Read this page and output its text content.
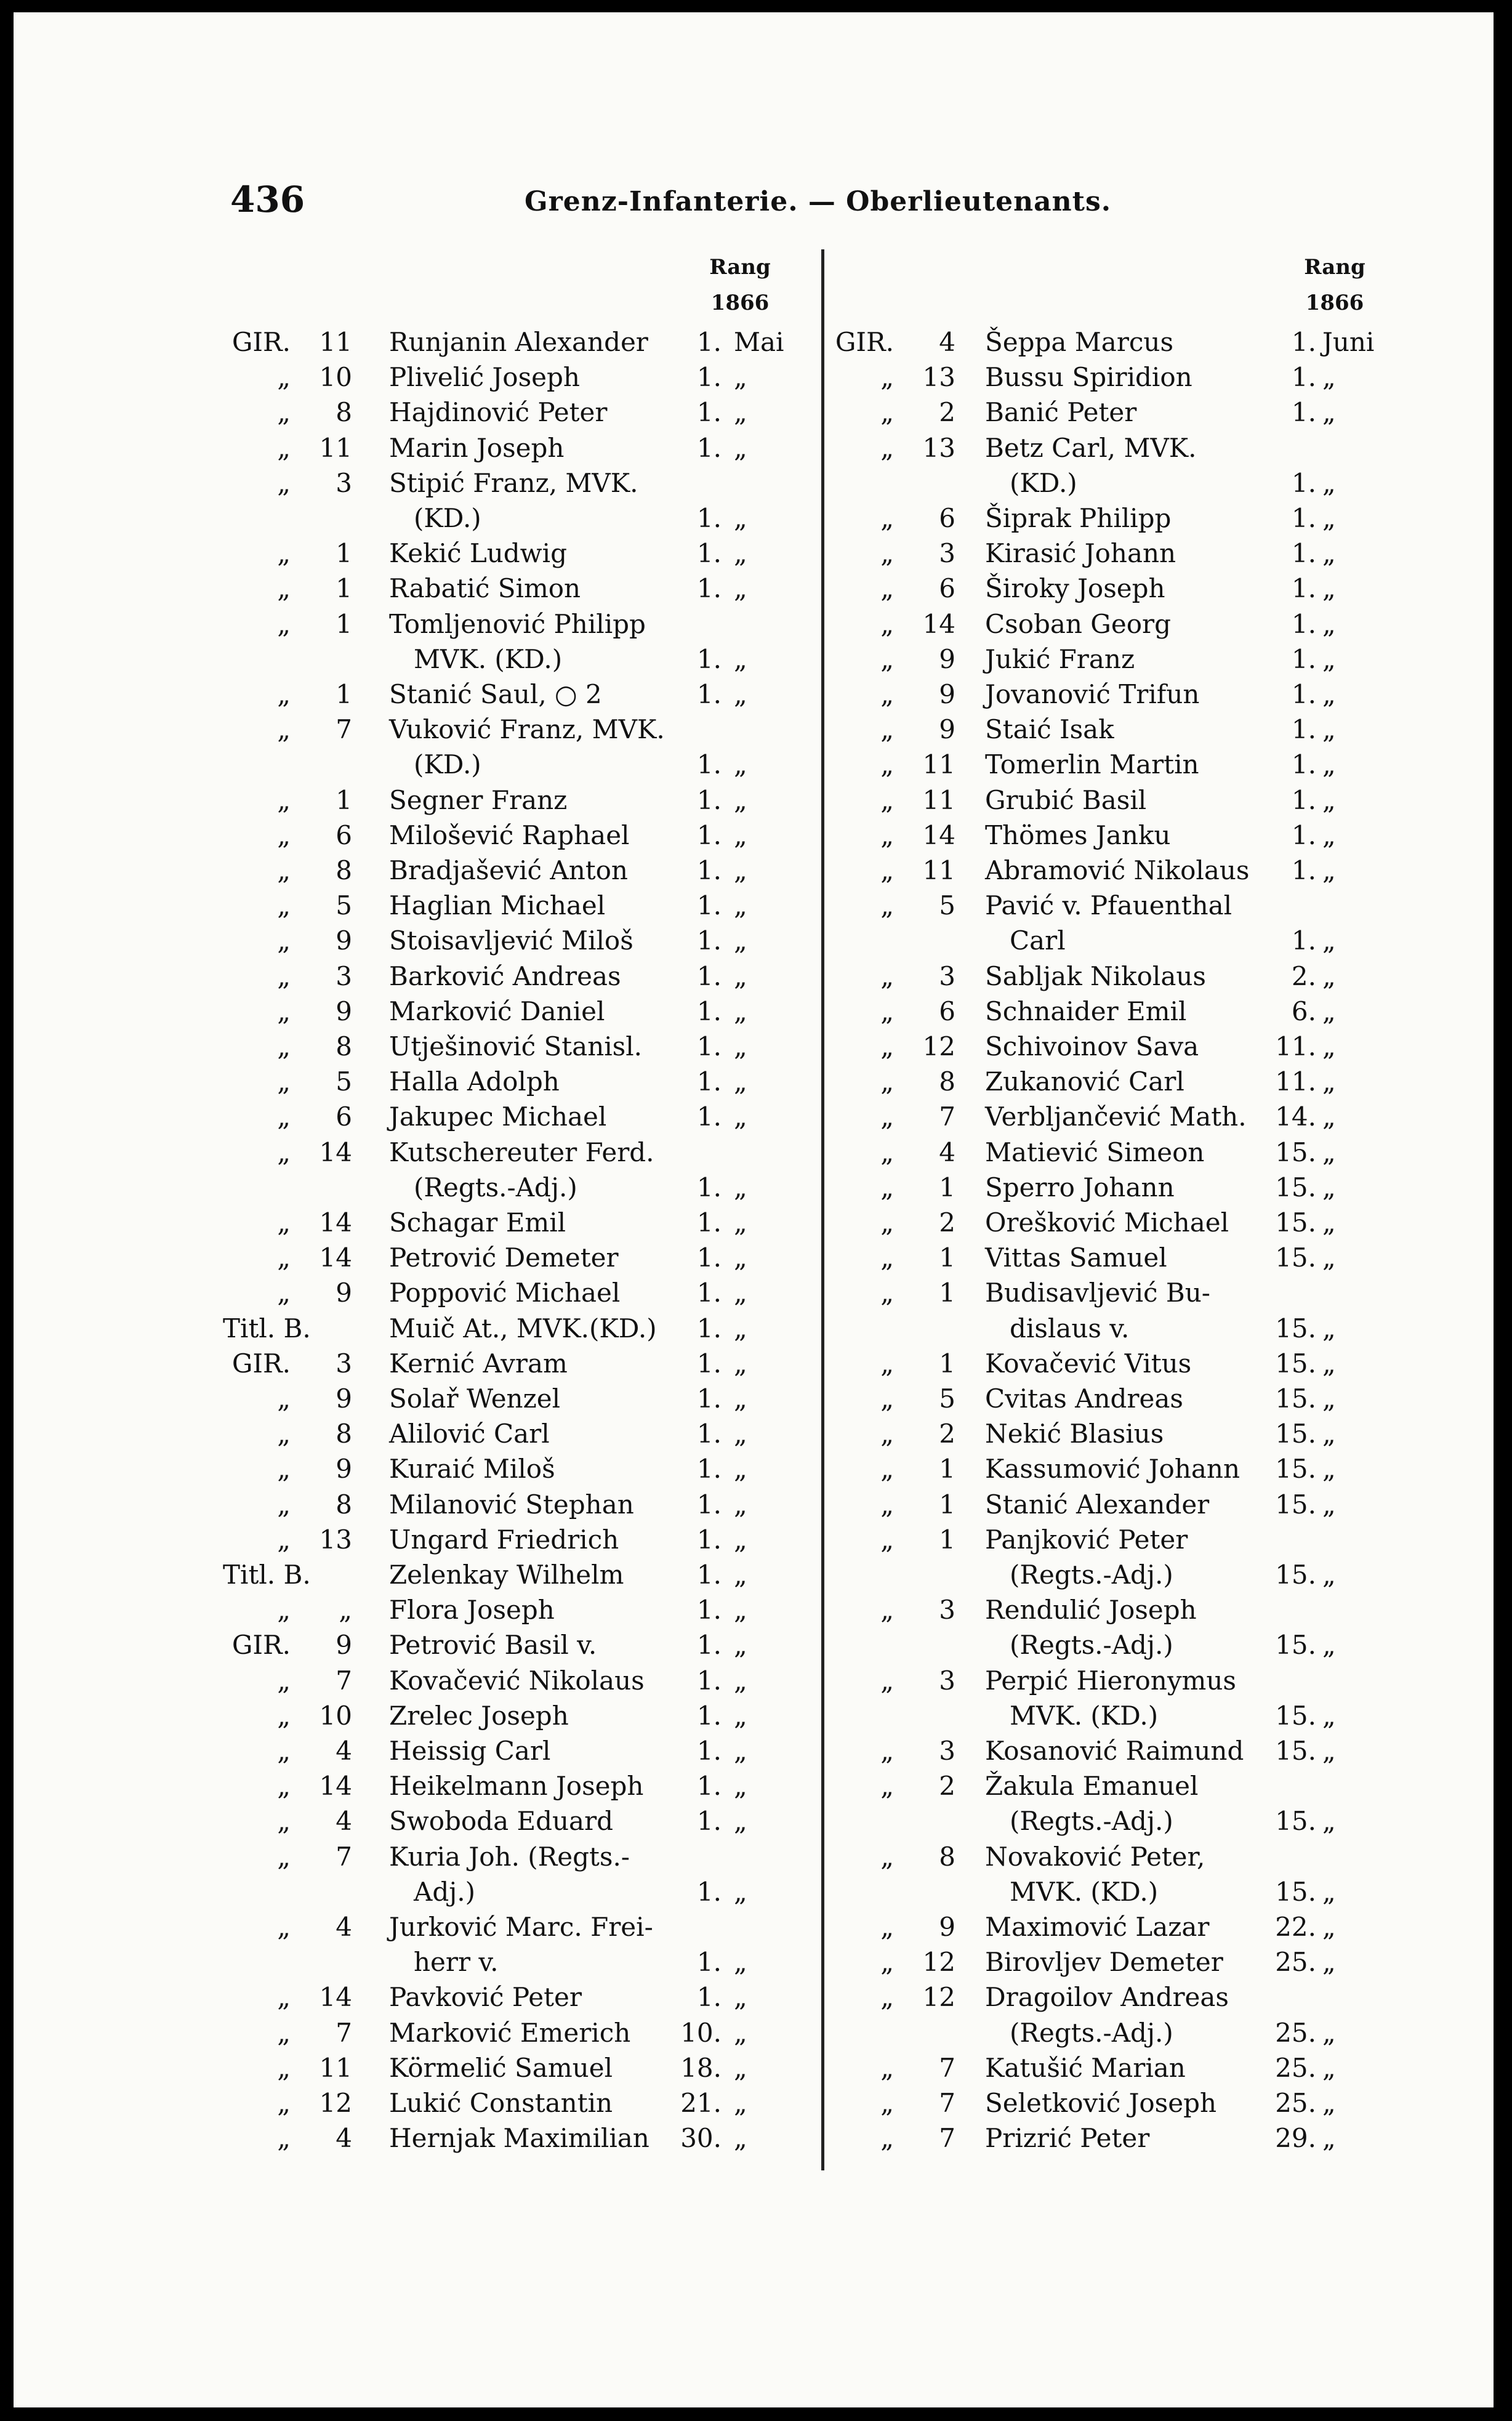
436	Grenz-Infanterie. — Oberlieutenants.
Rang
1866
Rang
1866
GIR.	11 Runjanin Alexander	1. Mai
„	10 Plivelić Joseph	1. „
„	8 Hajdinović Peter	1. „
„	11 Marin Joseph	1. „
„	3 Stipić Franz, MVK.
(KD.)	1. „
„	1 Kekić Ludwig	1. „
„	1 Rabatić Simon	1. „
„	1 Tomljenović Philipp
MVK. (KD.)	1. „
„	1 Stanić Saul, ○ 2	1. „
„	7 Vuković Franz, MVK.
(KD.)	1. „
„	1 Segner Franz	1. „
„	6 Milošević Raphael	1. „
„	8 Bradjašević Anton	1. „
„	5 Haglian Michael	1. „
„	9 Stoisavljević Miloš	1. „
„	3 Barković Andreas	1. „
„	9 Marković Daniel	1. „
„	8 Utješinović Stanisl.	1. „
„	5 Halla Adolph	1. „
„	6 Jakupec Michael	1. „
„	14 Kutschereuter Ferd.
(Regts.-Adj.)	1. „
„	14 Schagar Emil	1. „
„	14 Petrović Demeter	1. „
„	9 Poppović Michael	1. „
Titl. B.	Muič At., MVK.(KD.)	1. „
GIR.	3 Kernić Avram	1. „
„	9 Solař Wenzel	1. „
„	8 Alilović Carl	1. „
„	9 Kuraić Miloš	1. „
„	8 Milanović Stephan	1. „
„	13 Ungard Friedrich	1. „
Titl. B.	Zelenkay Wilhelm	1. „
„	„ Flora Joseph	1. „
GIR.	9 Petrović Basil v.	1. „
„	7 Kovačević Nikolaus	1. „
„	10 Zrelec Joseph	1. „
„	4 Heissig Carl	1. „
„	14 Heikelmann Joseph	1. „
„	4 Swoboda Eduard	1. „
„	7 Kuria Joh. (Regts.-
Adj.)	1. „
„	4 Jurković Marc. Frei-
herr v.	1. „
„	14 Pavković Peter	1. „
„	7 Marković Emerich	10. „
„	11 Körmelić Samuel	18. „
„	12 Lukić Constantin	21. „
„	4 Hernjak Maximilian	30. „
GIR.	4 Šeppa Marcus	1. Juni
„	13 Bussu Spiridion	1. „
„	2 Banić Peter	1. „
„	13 Betz Carl, MVK.
(KD.)	1. „
„	6 Šiprak Philipp	1. „
„	3 Kirasić Johann	1. „
„	6 Široky Joseph	1. „
„	14 Csoban Georg	1. „
„	9 Jukić Franz	1. „
„	9 Jovanović Trifun	1. „
„	9 Staić Isak	1. „
„	11 Tomerlin Martin	1. „
„	11 Grubić Basil	1. „
„	14 Thömes Janku	1. „
„	11 Abramović Nikolaus	1. „
„	5 Pavić v. Pfauenthal
Carl	1. „
„	3 Sabljak Nikolaus	2. „
„	6 Schnaider Emil	6. „
„	12 Schivoinov Sava	11. „
„	8 Zukanović Carl	11. „
„	7 Verbljančević Math.	14. „
„	4 Matiević Simeon	15. „
„	1 Sperro Johann	15. „
„	2 Orešković Michael	15. „
„	1 Vittas Samuel	15. „
„	1 Budisavljević Bu-
dislaus v.	15. „
„	1 Kovačević Vitus	15. „
„	5 Cvitas Andreas	15. „
„	2 Nekić Blasius	15. „
„	1 Kassumović Johann	15. „
„	1 Stanić Alexander	15. „
„	1 Panjković Peter
(Regts.-Adj.)	15. „
„	3 Rendulić Joseph
(Regts.-Adj.)	15. „
„	3 Perpić Hieronymus
MVK. (KD.)	15. „
„	3 Kosanović Raimund	15. „
„	2 Žakula Emanuel
(Regts.-Adj.)	15. „
„	8 Novaković Peter,
MVK. (KD.)	15. „
„	9 Maximović Lazar	22. „
„	12 Birovljev Demeter	25. „
„	12 Dragoilov Andreas
(Regts.-Adj.)	25. „
„	7 Katušić Marian	25. „
„	7 Seletković Joseph	25. „
„	7 Prizrić Peter	29. „
